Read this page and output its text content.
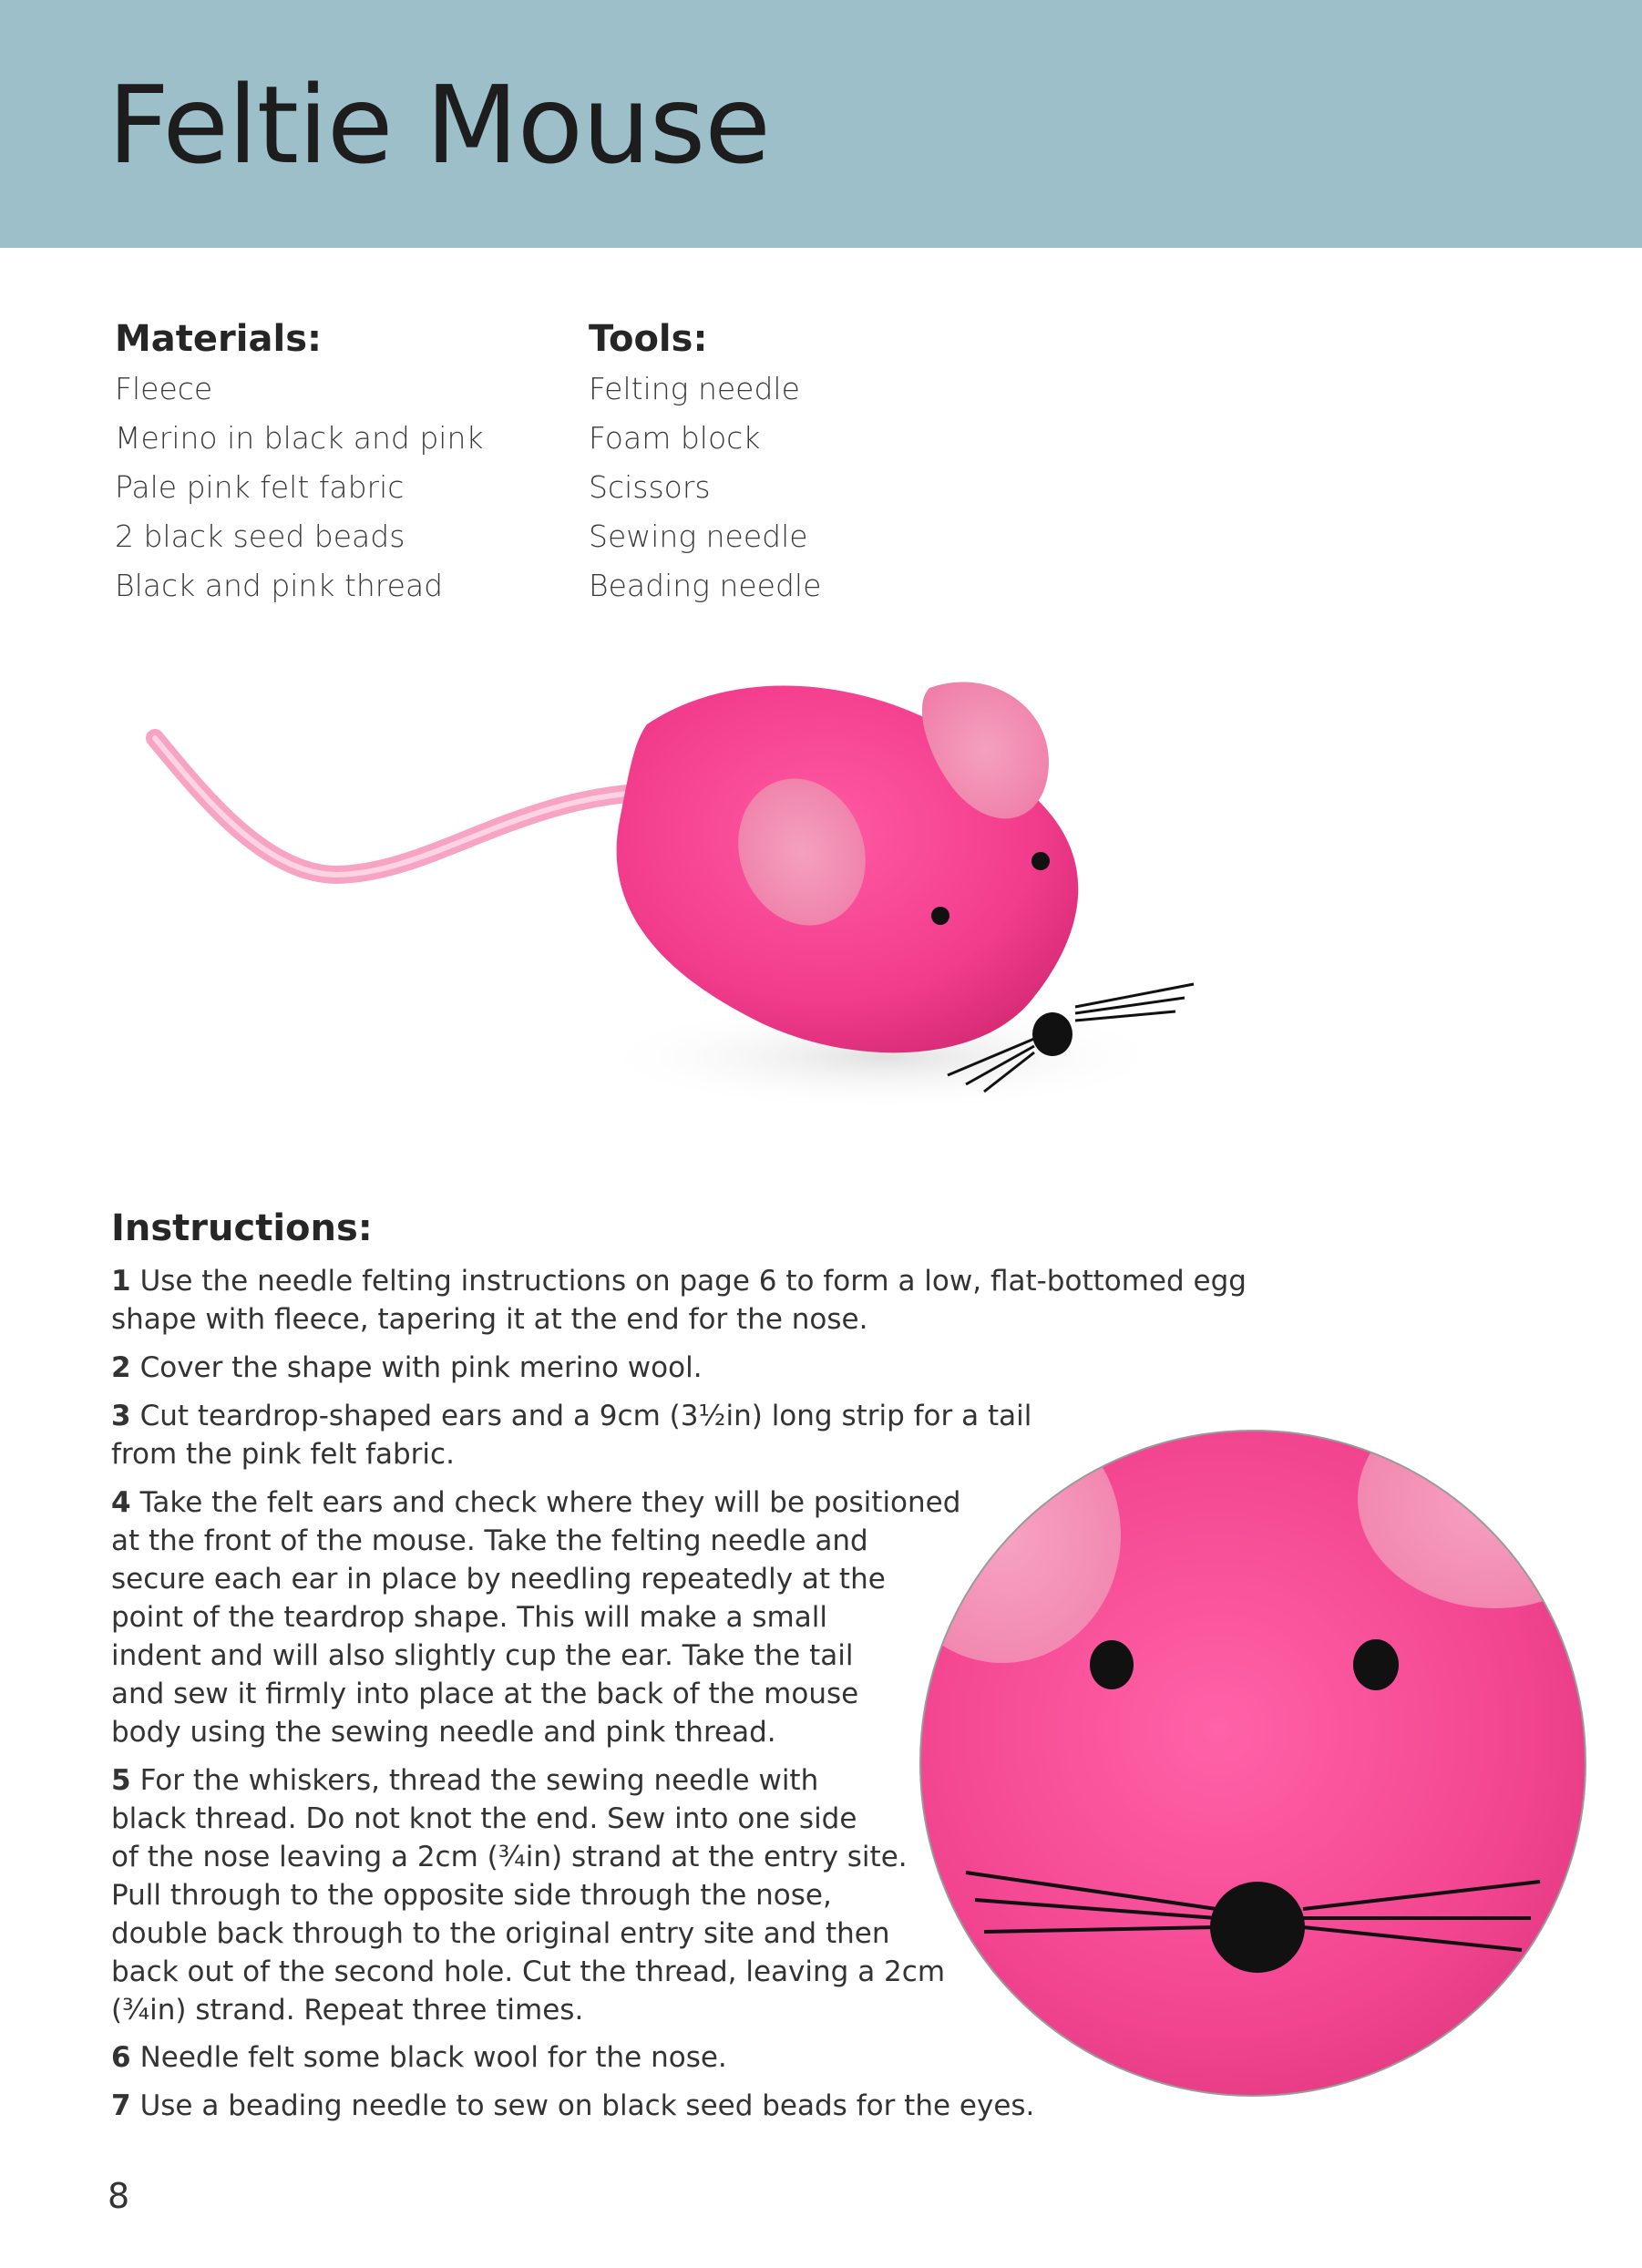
Feltie Mouse
Materials:
Fleece
Merino in black and pink
Pale pink felt fabric
2 black seed beads
Black and pink thread
Tools:
Felting needle
Foam block
Scissors
Sewing needle
Beading needle
Instructions:

1 Use the needle felting instructions on page 6 to form a low, flat-bottomed egg

shape with fleece, tapering it at the end for the nose.

2 Cover the shape with pink merino wool.

3 Cut teardrop-shaped ears and a 9cm (3½in) long strip for a tail

from the pink felt fabric.

4 Take the felt ears and check where they will be positioned

at the front of the mouse. Take the felting needle and

secure each ear in place by needling repeatedly at the

point of the teardrop shape. This will make a small

indent and will also slightly cup the ear. Take the tail

and sew it firmly into place at the back of the mouse

body using the sewing needle and pink thread.

5 For the whiskers, thread the sewing needle with

black thread. Do not knot the end. Sew into one side

of the nose leaving a 2cm (¾in) strand at the entry site.

Pull through to the opposite side through the nose,

double back through to the original entry site and then

back out of the second hole. Cut the thread, leaving a 2cm

(¾in) strand. Repeat three times.

6 Needle felt some black wool for the nose.

7 Use a beading needle to sew on black seed beads for the eyes.

8
